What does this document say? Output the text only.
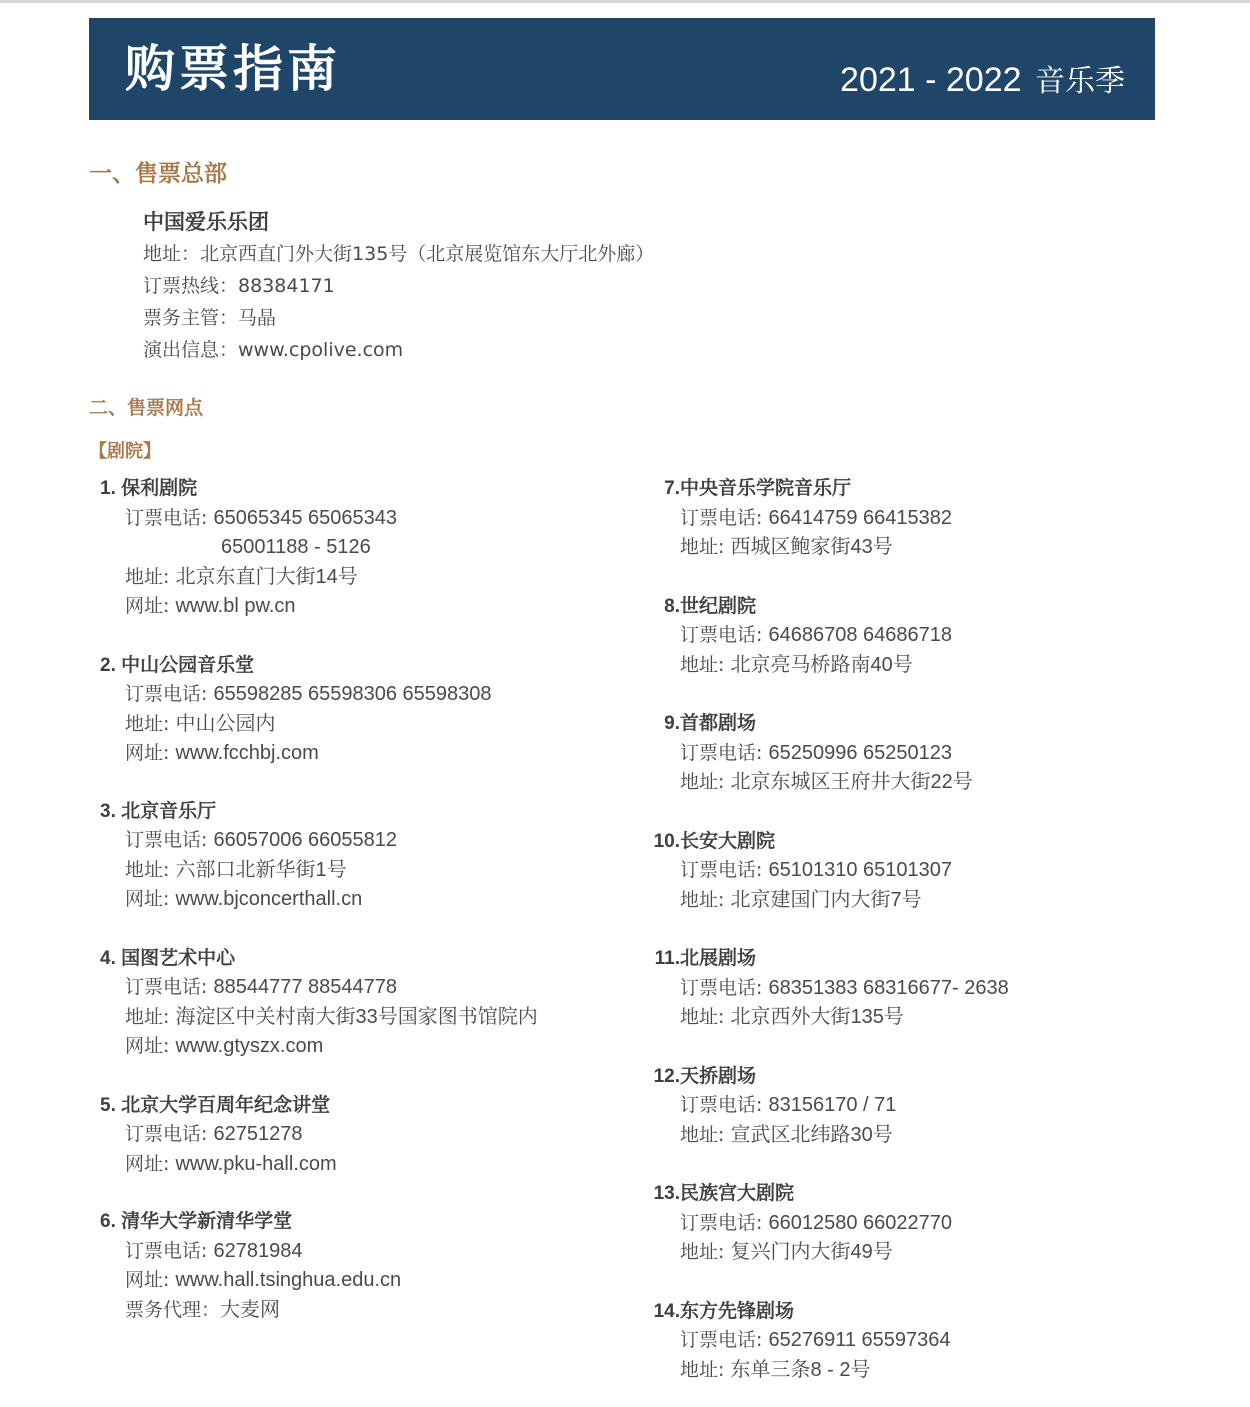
购票指南	2021 - 2022 音乐季
一、售票总部
中国爱乐乐团
地址：北京西直门外大街135号（北京展览馆东大厅北外廊）
订票热线：88384171
票务主管：马晶
演出信息：www.cpolive.com
二、售票网点
【剧院】
1. 保利剧院
订票电话: 65065345 65065343
65001188 - 5126
地址: 北京东直门大街14号
网址: www.bl pw.cn
2. 中山公园音乐堂
订票电话: 65598285 65598306 65598308
地址: 中山公园内
网址: www.fcchbj.com
3. 北京音乐厅
订票电话: 66057006 66055812
地址: 六部口北新华街1号
网址: www.bjconcerthall.cn
4. 国图艺术中心
订票电话: 88544777 88544778
地址: 海淀区中关村南大街33号国家图书馆院内
网址: www.gtyszx.com
5. 北京大学百周年纪念讲堂
订票电话: 62751278
网址: www.pku-hall.com
6. 清华大学新清华学堂
订票电话: 62781984
网址: www.hall.tsinghua.edu.cn
票务代理：大麦网
7.中央音乐学院音乐厅
订票电话: 66414759 66415382
地址: 西城区鲍家街43号
8.世纪剧院
订票电话: 64686708 64686718
地址: 北京亮马桥路南40号
9.首都剧场
订票电话: 65250996 65250123
地址: 北京东城区王府井大街22号
10.长安大剧院
订票电话: 65101310 65101307
地址: 北京建国门内大街7号
11.北展剧场
订票电话: 68351383 68316677- 2638
地址: 北京西外大街135号
12.天挢剧场
订票电话: 83156170 / 71
地址: 宣武区北纬路30号
13.民族宫大剧院
订票电话: 66012580 66022770
地址: 复兴门内大街49号
14.东方先锋剧场
订票电话: 65276911 65597364
地址: 东单三条8 - 2号
